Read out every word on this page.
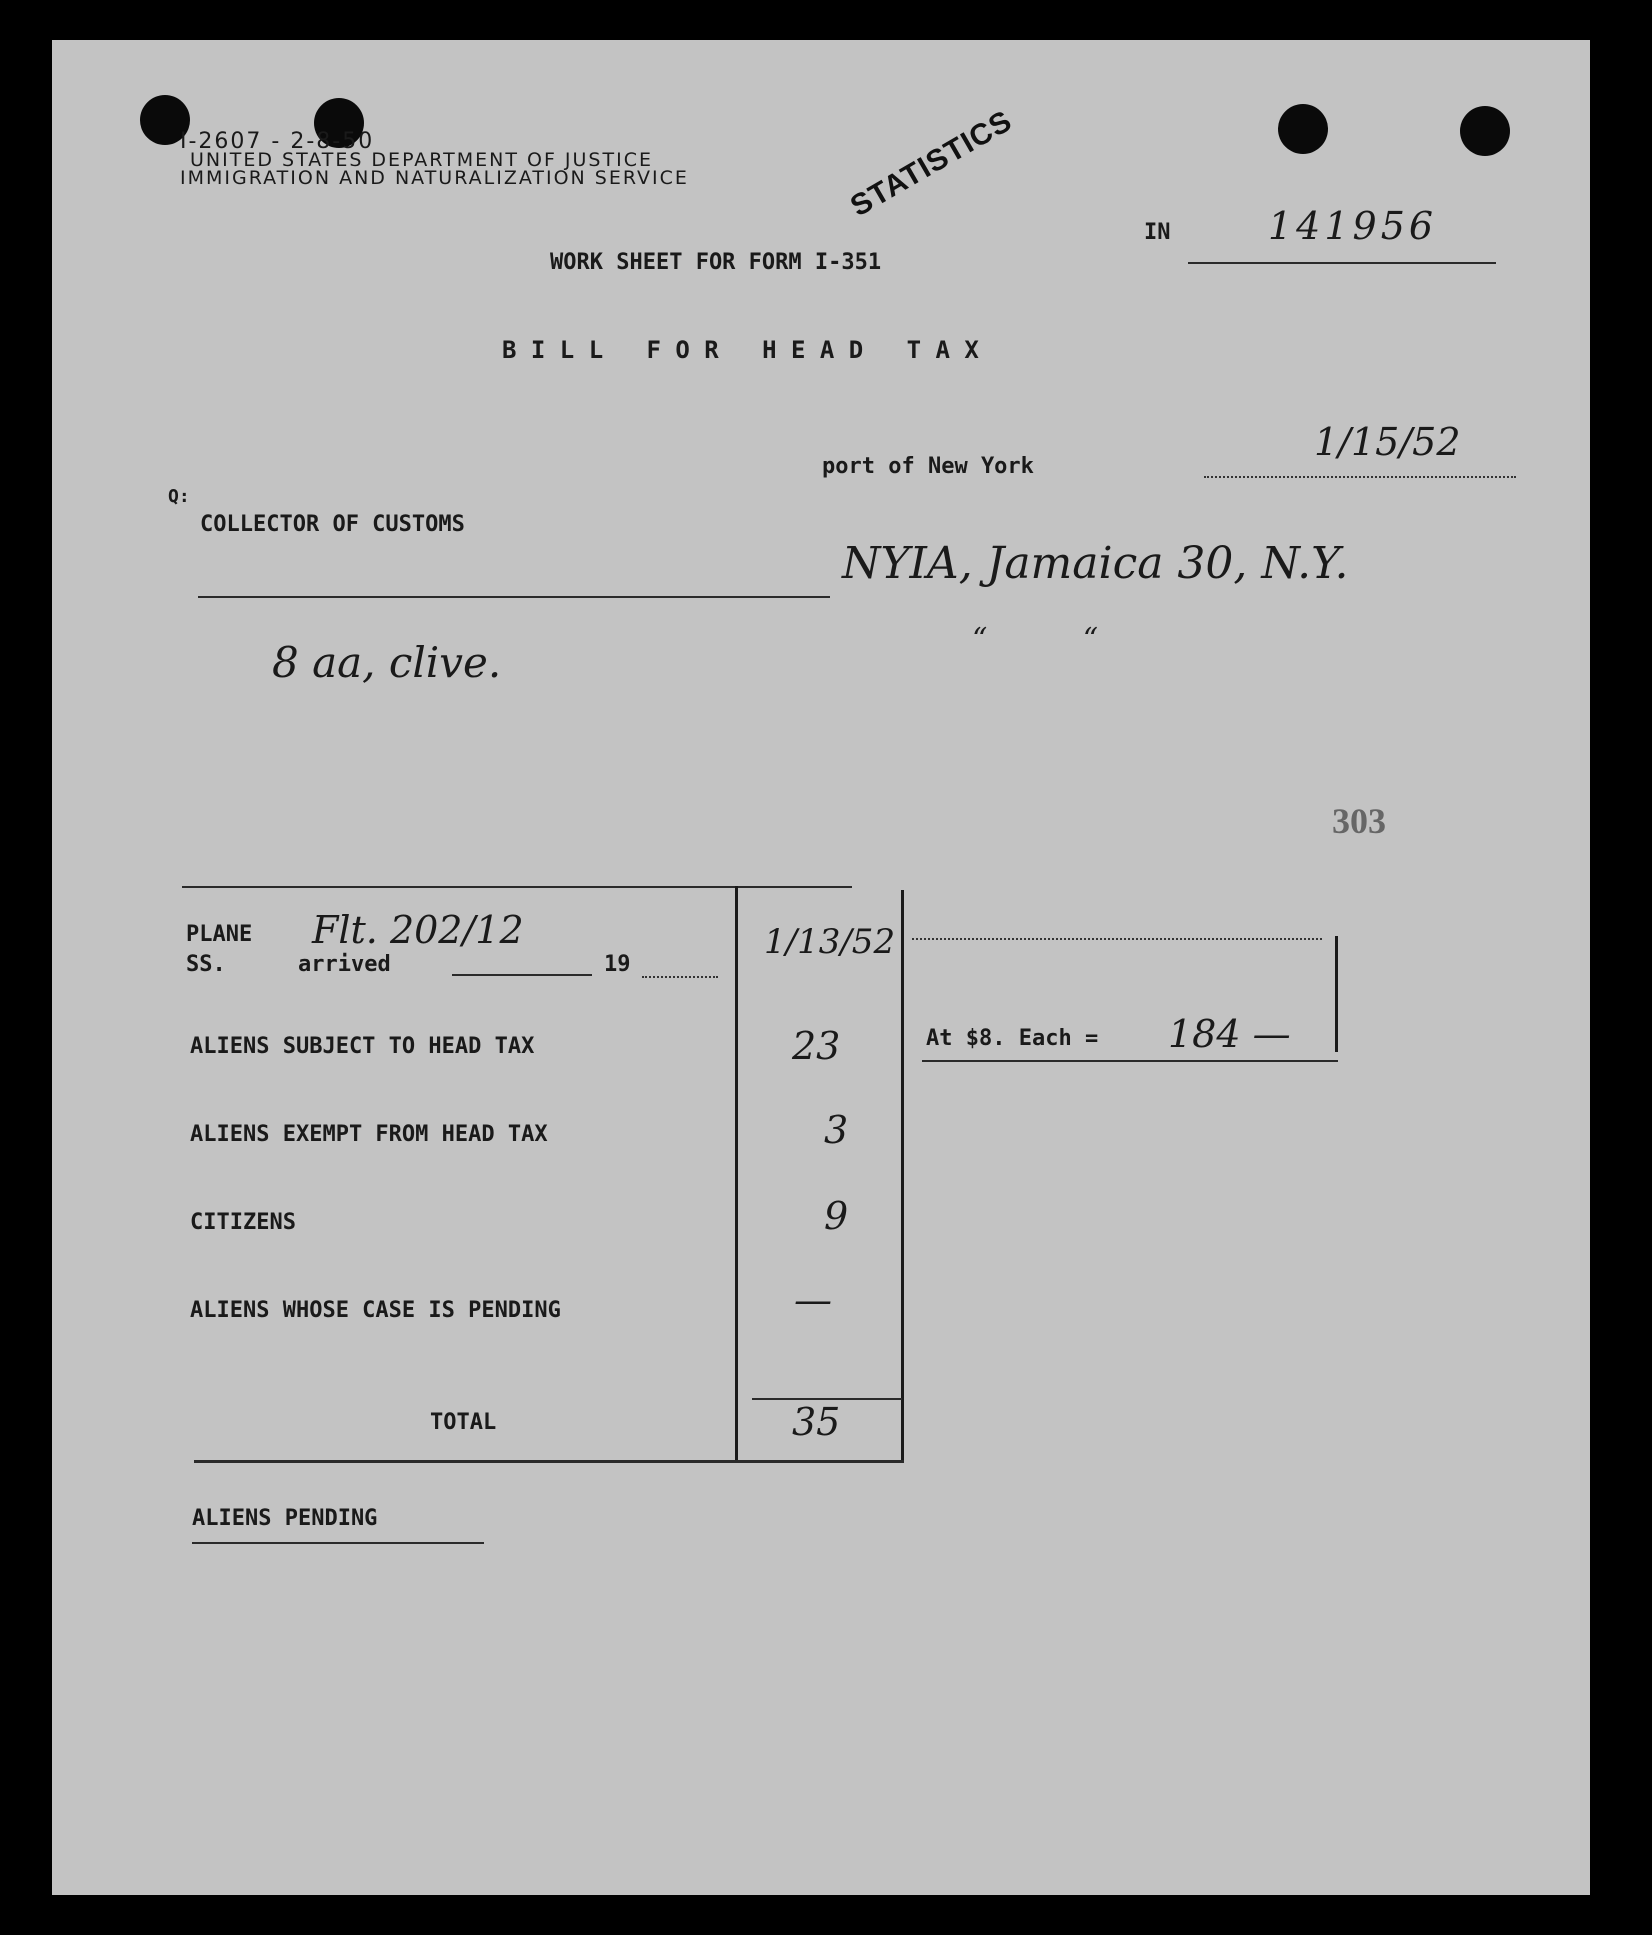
I-2607 - 2-8-50
UNITED STATES DEPARTMENT OF JUSTICE
IMMIGRATION AND NATURALIZATION SERVICE	STATISTICS
WORK SHEET FOR FORM I-351
IN	141956
B I L L   F O R   H E A D   T A X
port of New York
1/15/52
Q:
COLLECTOR OF CUSTOMS
NYIA, Jamaica 30, N.Y.
“          “
8 aa, clive.
303
PLANE Flt. 202/12
SS.	arrived	19
1/13/52
ALIENS SUBJECT TO HEAD TAX	23
ALIENS EXEMPT FROM HEAD TAX	3
CITIZENS	9
ALIENS WHOSE CASE IS PENDING	—
TOTAL	35
At $8. Each = 184 —
ALIENS PENDING
